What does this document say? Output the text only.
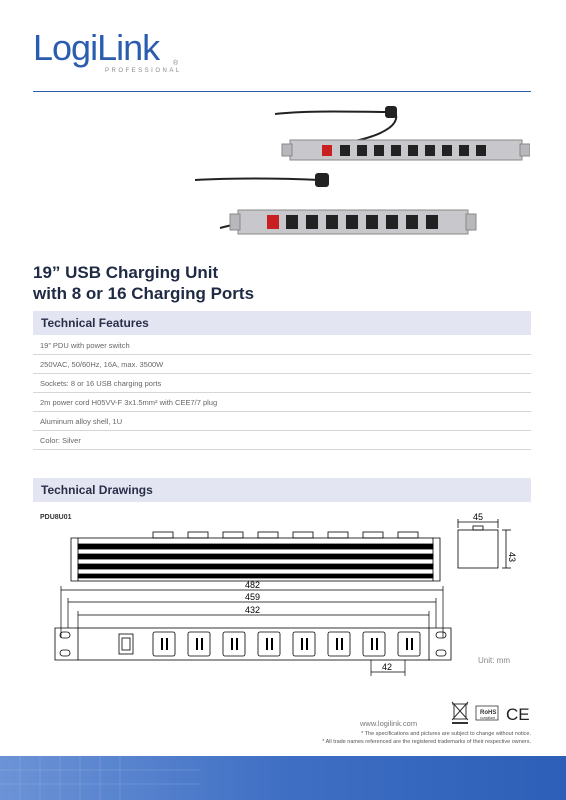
LogiLink
PROFESSIONAL
®
19” USB Charging Unit
with 8 or 16 Charging Ports
Technical Features
19” PDU with power switch
250VAC, 50/60Hz, 16A, max. 3500W
Sockets: 8 or 16 USB charging ports
2m power cord H05VV-F 3x1.5mm² with CEE7/7 plug
Aluminum alloy shell, 1U
Color: Silver
Technical Drawings
PDU8U01	45
43
482
459
432
42
Unit: mm
RoHS
compliant CE
www.logilink.com
* The specifications and pictures are subject to change without notice.
* All trade names referenced are the registered trademarks of their respective owners.
